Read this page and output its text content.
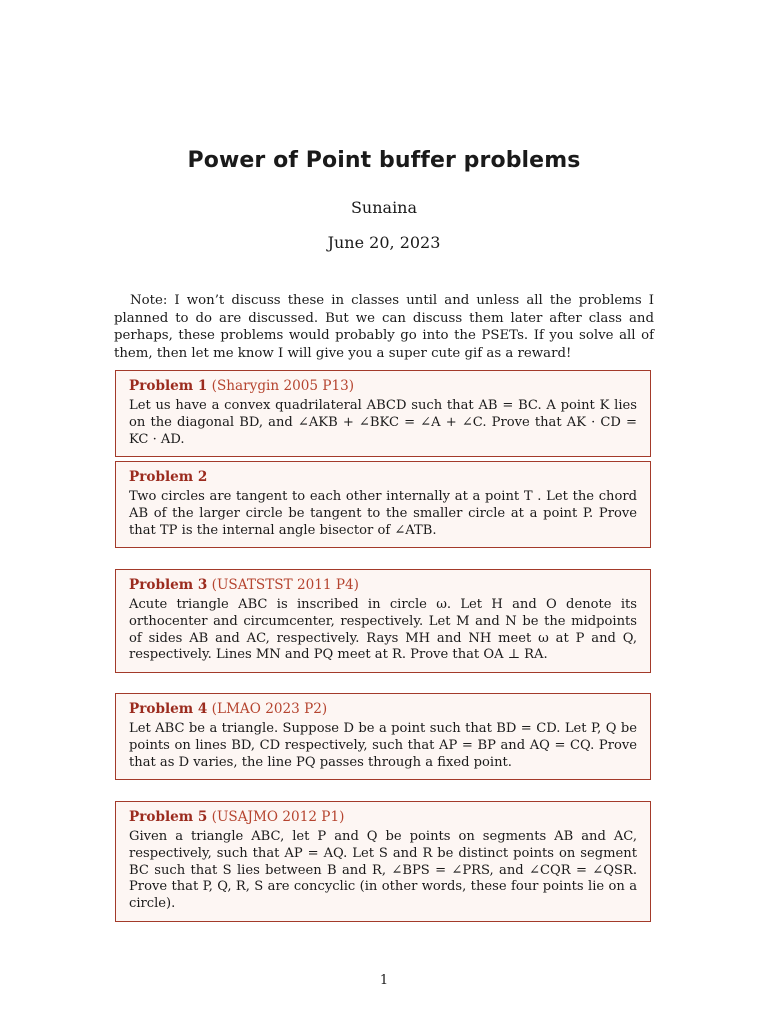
Power of Point buffer problems
Sunaina
June 20, 2023
Note: I won’t discuss these in classes until and unless all the problems I planned to do are discussed. But we can discuss them later after class and perhaps, these problems would probably go into the PSETs. If you solve all of them, then let me know I will give you a super cute gif as a reward!
Problem 1 (Sharygin 2005 P13)
Let us have a convex quadrilateral ABCD such that AB = BC. A point K lies on the diagonal BD, and ∠AKB + ∠BKC = ∠A + ∠C. Prove that AK · CD = KC · AD.
Problem 2
Two circles are tangent to each other internally at a point T . Let the chord AB of the larger circle be tangent to the smaller circle at a point P. Prove that TP is the internal angle bisector of ∠ATB.
Problem 3 (USATSTST 2011 P4)
Acute triangle ABC is inscribed in circle ω. Let H and O denote its orthocenter and circumcenter, respectively. Let M and N be the midpoints of sides AB and AC, respectively. Rays MH and NH meet ω at P and Q, respectively. Lines MN and PQ meet at R. Prove that OA ⊥ RA.
Problem 4 (LMAO 2023 P2)
Let ABC be a triangle. Suppose D be a point such that BD = CD. Let P, Q be points on lines BD, CD respectively, such that AP = BP and AQ = CQ. Prove that as D varies, the line PQ passes through a fixed point.
Problem 5 (USAJMO 2012 P1)
Given a triangle ABC, let P and Q be points on segments AB and AC, respectively, such that AP = AQ. Let S and R be distinct points on segment BC such that S lies between B and R, ∠BPS = ∠PRS, and ∠CQR = ∠QSR. Prove that P, Q, R, S are concyclic (in other words, these four points lie on a circle).
1
